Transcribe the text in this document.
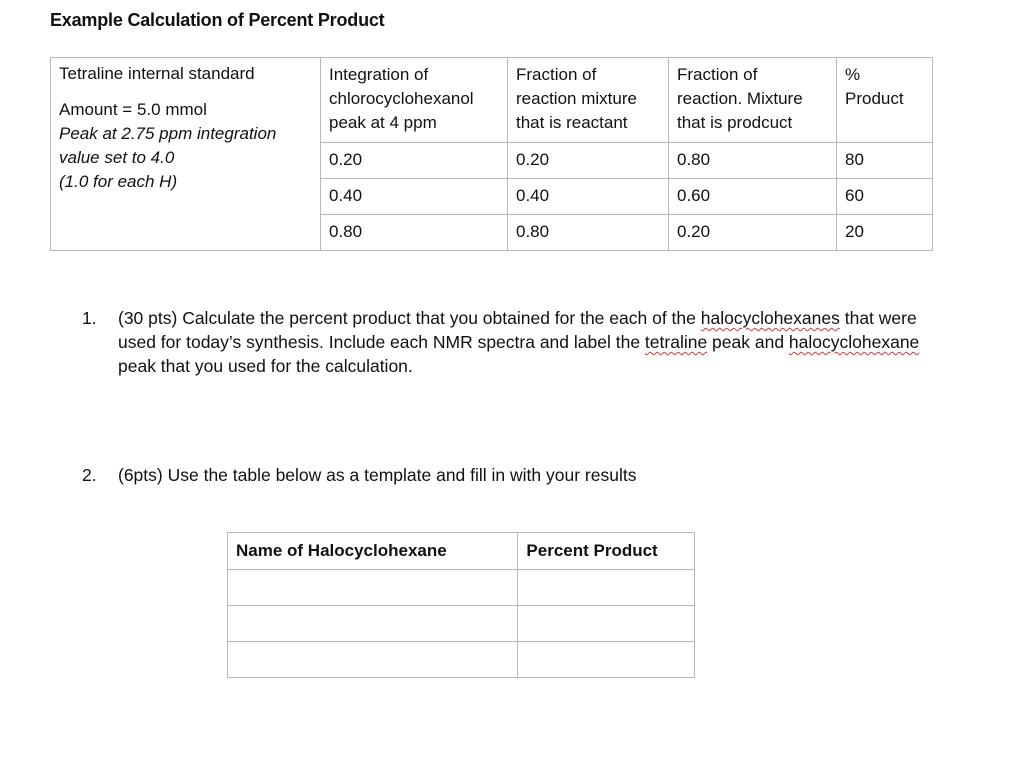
Example Calculation of Percent Product
Tetraline internal standard
Amount = 5.0 mmol
Peak at 2.75 ppm integration
value set to 4.0
(1.0 for each H)	Integration of
chlorocyclohexanol
peak at 4 ppm	Fraction of
reaction mixture
that is reactant	Fraction of
reaction. Mixture
that is prodcuct	%
Product

	0.20	0.20	0.80	80
	0.40	0.40	0.60	60
	0.80	0.80	0.20	20
1. (30 pts) Calculate the percent product that you obtained for the each of the halocyclohexanes that were used for today’s synthesis. Include each NMR spectra and label the tetraline peak and halocyclohexane peak that you used for the calculation.
2. (6pts) Use the table below as a template and fill in with your results
Name of Halocyclohexane	Percent Product
